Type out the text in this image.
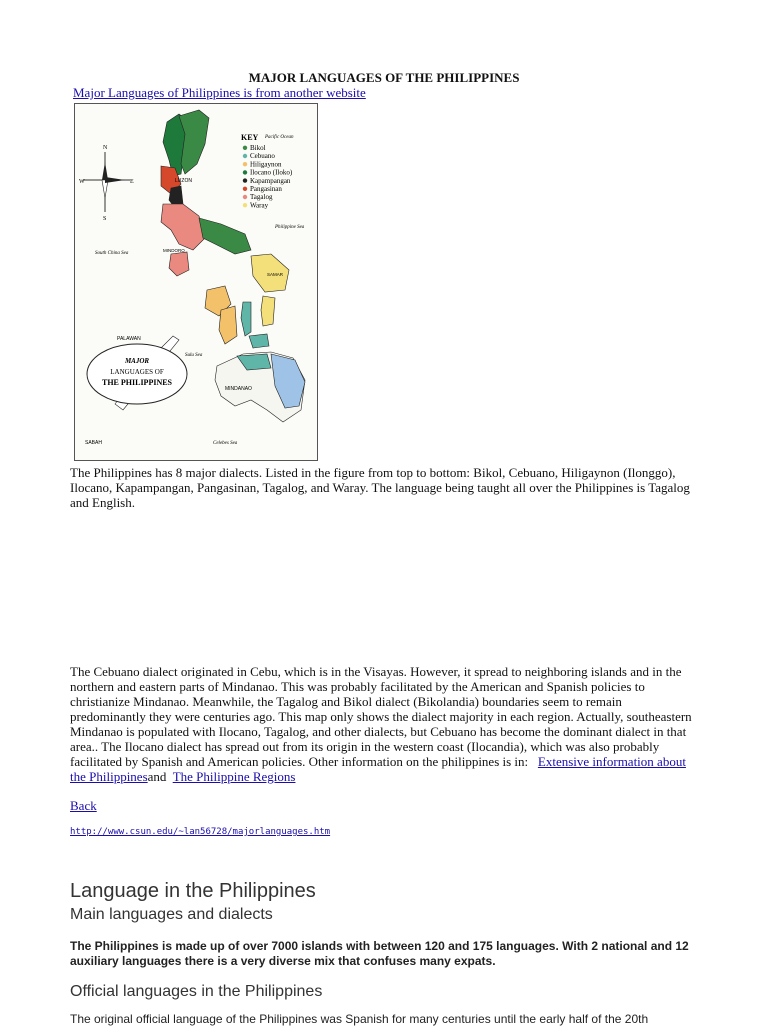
MAJOR LANGUAGES OF THE PHILIPPINES
Major Languages of Philippines is from another website
N
S
W	E
MAJOR
LANGUAGES OF
THE PHILIPPINES
Pacific Ocean
Philippine Sea
South China Sea
Sulu Sea
Celebes Sea
LUZON
MINDANAO
PALAWAN
MINDORO
SABAH
SAMAR
KEY
Bikol
Cebuano
Hiligaynon
Ilocano (Iloko)
Kapampangan
Pangasinan
Tagalog
Waray
The Philippines has 8 major dialects. Listed in the figure from top to bottom: Bikol, Cebuano, Hiligaynon (Ilonggo), Ilocano, Kapampangan, Pangasinan, Tagalog, and Waray. The language being taught all over the Philippines is Tagalog and English.
The Cebuano dialect originated in Cebu, which is in the Visayas. However, it spread to neighboring islands and in the northern and eastern parts of Mindanao. This was probably facilitated by the American and Spanish policies to christianize Mindanao. Meanwhile, the Tagalog and Bikol dialect (Bikolandia) boundaries seem to remain predominantly they were centuries ago. This map only shows the dialect majority in each region. Actually, southeastern Mindanao is populated with Ilocano, Tagalog, and other dialects, but Cebuano has become the dominant dialect in that area.. The Ilocano dialect has spread out from its origin in the western coast (Ilocandia), which was also probably facilitated by Spanish and American policies. Other information on the philippines is in: Extensive information about the Philippinesand The Philippine Regions
Back
http://www.csun.edu/~lan56728/majorlanguages.htm
Language in the Philippines
Main languages and dialects
The Philippines is made up of over 7000 islands with between 120 and 175 languages. With 2 national and 12 auxiliary languages there is a very diverse mix that confuses many expats.
Official languages in the Philippines
The original official language of the Philippines was Spanish for many centuries until the early half of the 20th
